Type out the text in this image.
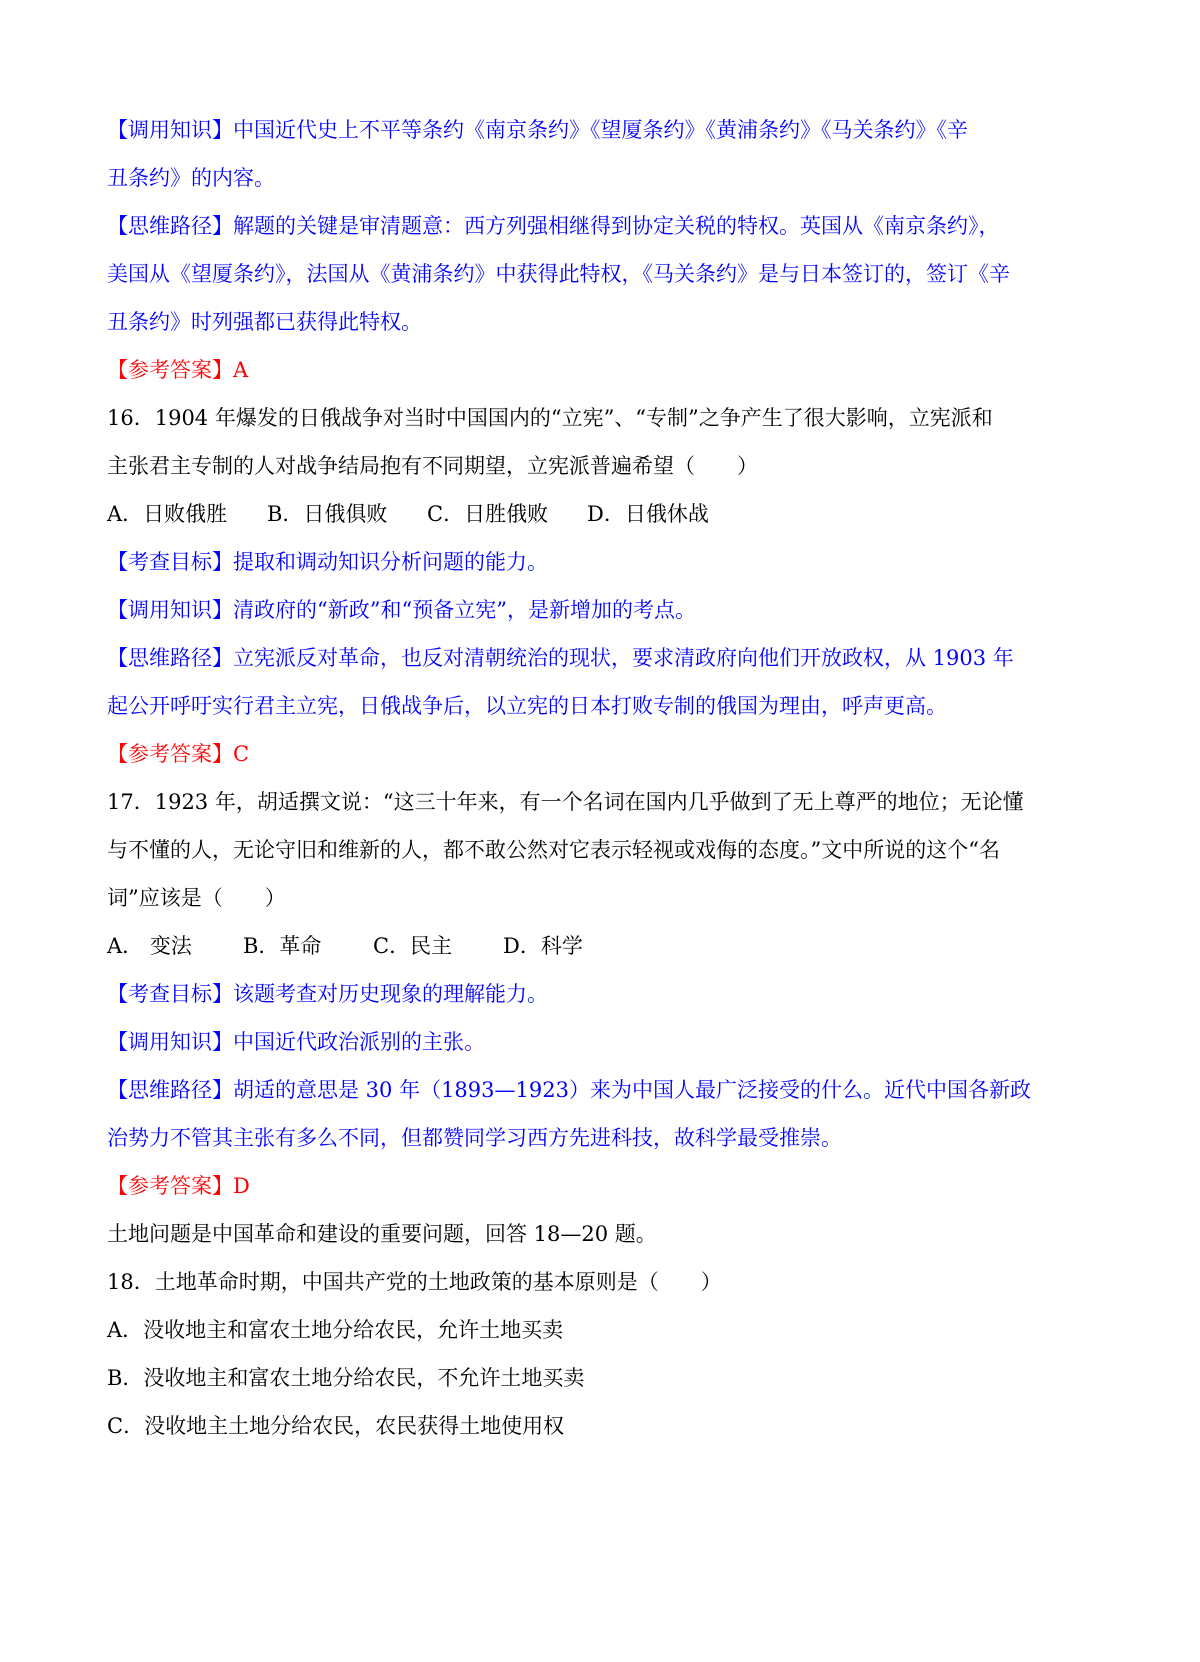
【调用知识】中国近代史上不平等条约《南京条约》《望厦条约》《黄浦条约》《马关条约》《辛
丑条约》的内容。
【思维路径】解题的关键是审清题意：西方列强相继得到协定关税的特权。英国从《南京条约》，
美国从《望厦条约》，法国从《黄浦条约》中获得此特权，《马关条约》是与日本签订的，签订《辛
丑条约》时列强都已获得此特权。
【参考答案】A
16．1904 年爆发的日俄战争对当时中国国内的“立宪”、“专制”之争产生了很大影响，立宪派和
主张君主专制的人对战争结局抱有不同期望，立宪派普遍希望（　　）
A．日败俄胜 B．日俄俱败 C．日胜俄败 D．日俄休战
【考查目标】提取和调动知识分析问题的能力。
【调用知识】清政府的“新政”和“预备立宪”，是新增加的考点。
【思维路径】立宪派反对革命，也反对清朝统治的现状，要求清政府向他们开放政权，从 1903 年
起公开呼吁实行君主立宪，日俄战争后，以立宪的日本打败专制的俄国为理由，呼声更高。
【参考答案】C
17．1923 年，胡适撰文说：“这三十年来，有一个名词在国内几乎做到了无上尊严的地位；无论懂
与不懂的人，无论守旧和维新的人，都不敢公然对它表示轻视或戏侮的态度。”文中所说的这个“名
词”应该是（　　）
A． 变法 B．革命 C．民主 D．科学
【考查目标】该题考查对历史现象的理解能力。
【调用知识】中国近代政治派别的主张。
【思维路径】胡适的意思是 30 年（1893—1923）来为中国人最广泛接受的什么。近代中国各新政
治势力不管其主张有多么不同，但都赞同学习西方先进科技，故科学最受推崇。
【参考答案】D
土地问题是中国革命和建设的重要问题，回答 18—20 题。
18．土地革命时期，中国共产党的土地政策的基本原则是（　　）
A．没收地主和富农土地分给农民，允许土地买卖
B．没收地主和富农土地分给农民，不允许土地买卖
C．没收地主土地分给农民，农民获得土地使用权
